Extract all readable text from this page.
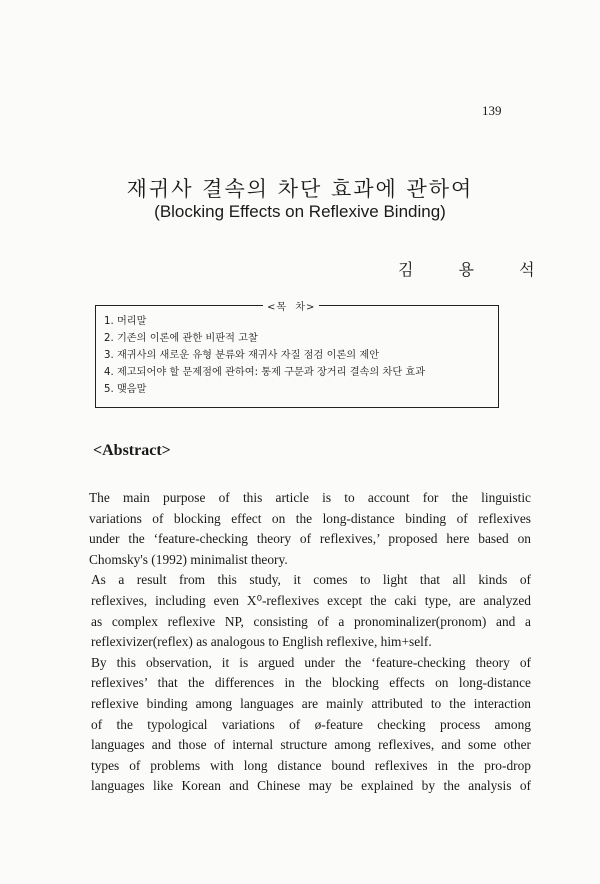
139
재귀사 결속의 차단 효과에 관하여
(Blocking Effects on Reflexive Binding)
김 용 석
<목  차>
1. 머리말
2. 기존의 이론에 관한 비판적 고찰
3. 재귀사의 새로운 유형 분류와 재귀사 자질 점검 이론의 제안
4. 제고되어야 할 문제점에 관하여: 통제 구문과 장거리 결속의 차단 효과
5. 맺음말
<Abstract>

The main purpose of this article is to account for the linguistic
variations of blocking effect on the long-distance binding of reflexives
under the ‘feature-checking theory of reflexives,’ proposed here based on
Chomsky's (1992) minimalist theory.

As a result from this study, it comes to light that all kinds of
reflexives, including even X⁰-reflexives except the caki type, are analyzed
as complex reflexive NP, consisting of a pronominalizer(pronom) and a
reflexivizer(reflex) as analogous to English reflexive, him+self.

By this observation, it is argued under the ‘feature-checking theory of
reflexives’ that the differences in the blocking effects on long-distance
reflexive binding among languages are mainly attributed to the interaction
of the typological variations of ø-feature checking process among
languages and those of internal structure among reflexives, and some other
types of problems with long distance bound reflexives in the pro-drop
languages like Korean and Chinese may be explained by the analysis of
